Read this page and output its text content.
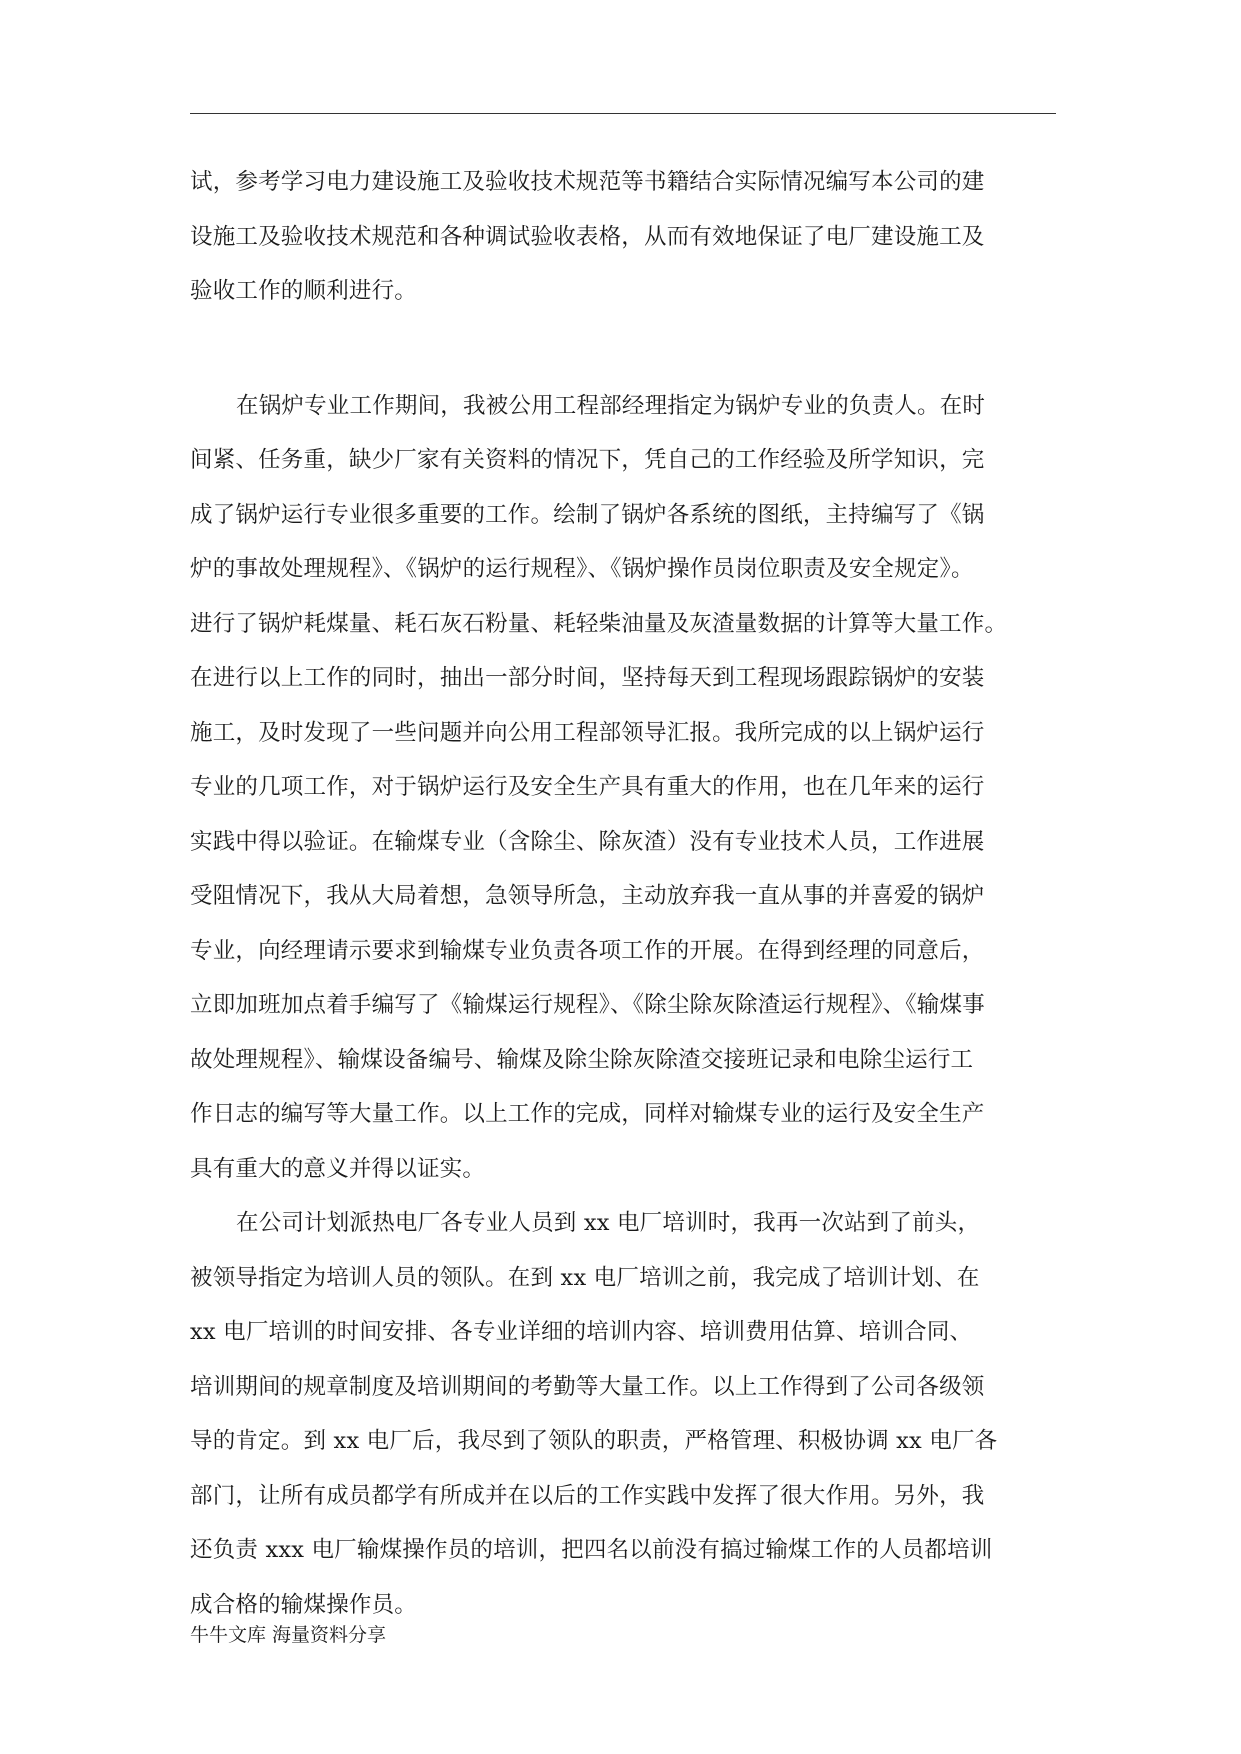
试，参考学习电力建设施工及验收技术规范等书籍结合实际情况编写本公司的建
设施工及验收技术规范和各种调试验收表格，从而有效地保证了电厂建设施工及
验收工作的顺利进行。
在锅炉专业工作期间，我被公用工程部经理指定为锅炉专业的负责人。在时
间紧、任务重，缺少厂家有关资料的情况下，凭自己的工作经验及所学知识，完
成了锅炉运行专业很多重要的工作。绘制了锅炉各系统的图纸，主持编写了《锅
炉的事故处理规程》、《锅炉的运行规程》、《锅炉操作员岗位职责及安全规定》。
进行了锅炉耗煤量、耗石灰石粉量、耗轻柴油量及灰渣量数据的计算等大量工作。
在进行以上工作的同时，抽出一部分时间，坚持每天到工程现场跟踪锅炉的安装
施工，及时发现了一些问题并向公用工程部领导汇报。我所完成的以上锅炉运行
专业的几项工作，对于锅炉运行及安全生产具有重大的作用，也在几年来的运行
实践中得以验证。在输煤专业（含除尘、除灰渣）没有专业技术人员，工作进展
受阻情况下，我从大局着想，急领导所急，主动放弃我一直从事的并喜爱的锅炉
专业，向经理请示要求到输煤专业负责各项工作的开展。在得到经理的同意后，
立即加班加点着手编写了《输煤运行规程》、《除尘除灰除渣运行规程》、《输煤事
故处理规程》、输煤设备编号、输煤及除尘除灰除渣交接班记录和电除尘运行工
作日志的编写等大量工作。以上工作的完成，同样对输煤专业的运行及安全生产
具有重大的意义并得以证实。
在公司计划派热电厂各专业人员到 xx 电厂培训时，我再一次站到了前头，
被领导指定为培训人员的领队。在到 xx 电厂培训之前，我完成了培训计划、在
xx 电厂培训的时间安排、各专业详细的培训内容、培训费用估算、培训合同、
培训期间的规章制度及培训期间的考勤等大量工作。以上工作得到了公司各级领
导的肯定。到 xx 电厂后，我尽到了领队的职责，严格管理、积极协调 xx 电厂各
部门，让所有成员都学有所成并在以后的工作实践中发挥了很大作用。另外，我
还负责 xxx 电厂输煤操作员的培训，把四名以前没有搞过输煤工作的人员都培训
成合格的输煤操作员。
牛牛文库 海量资料分享
